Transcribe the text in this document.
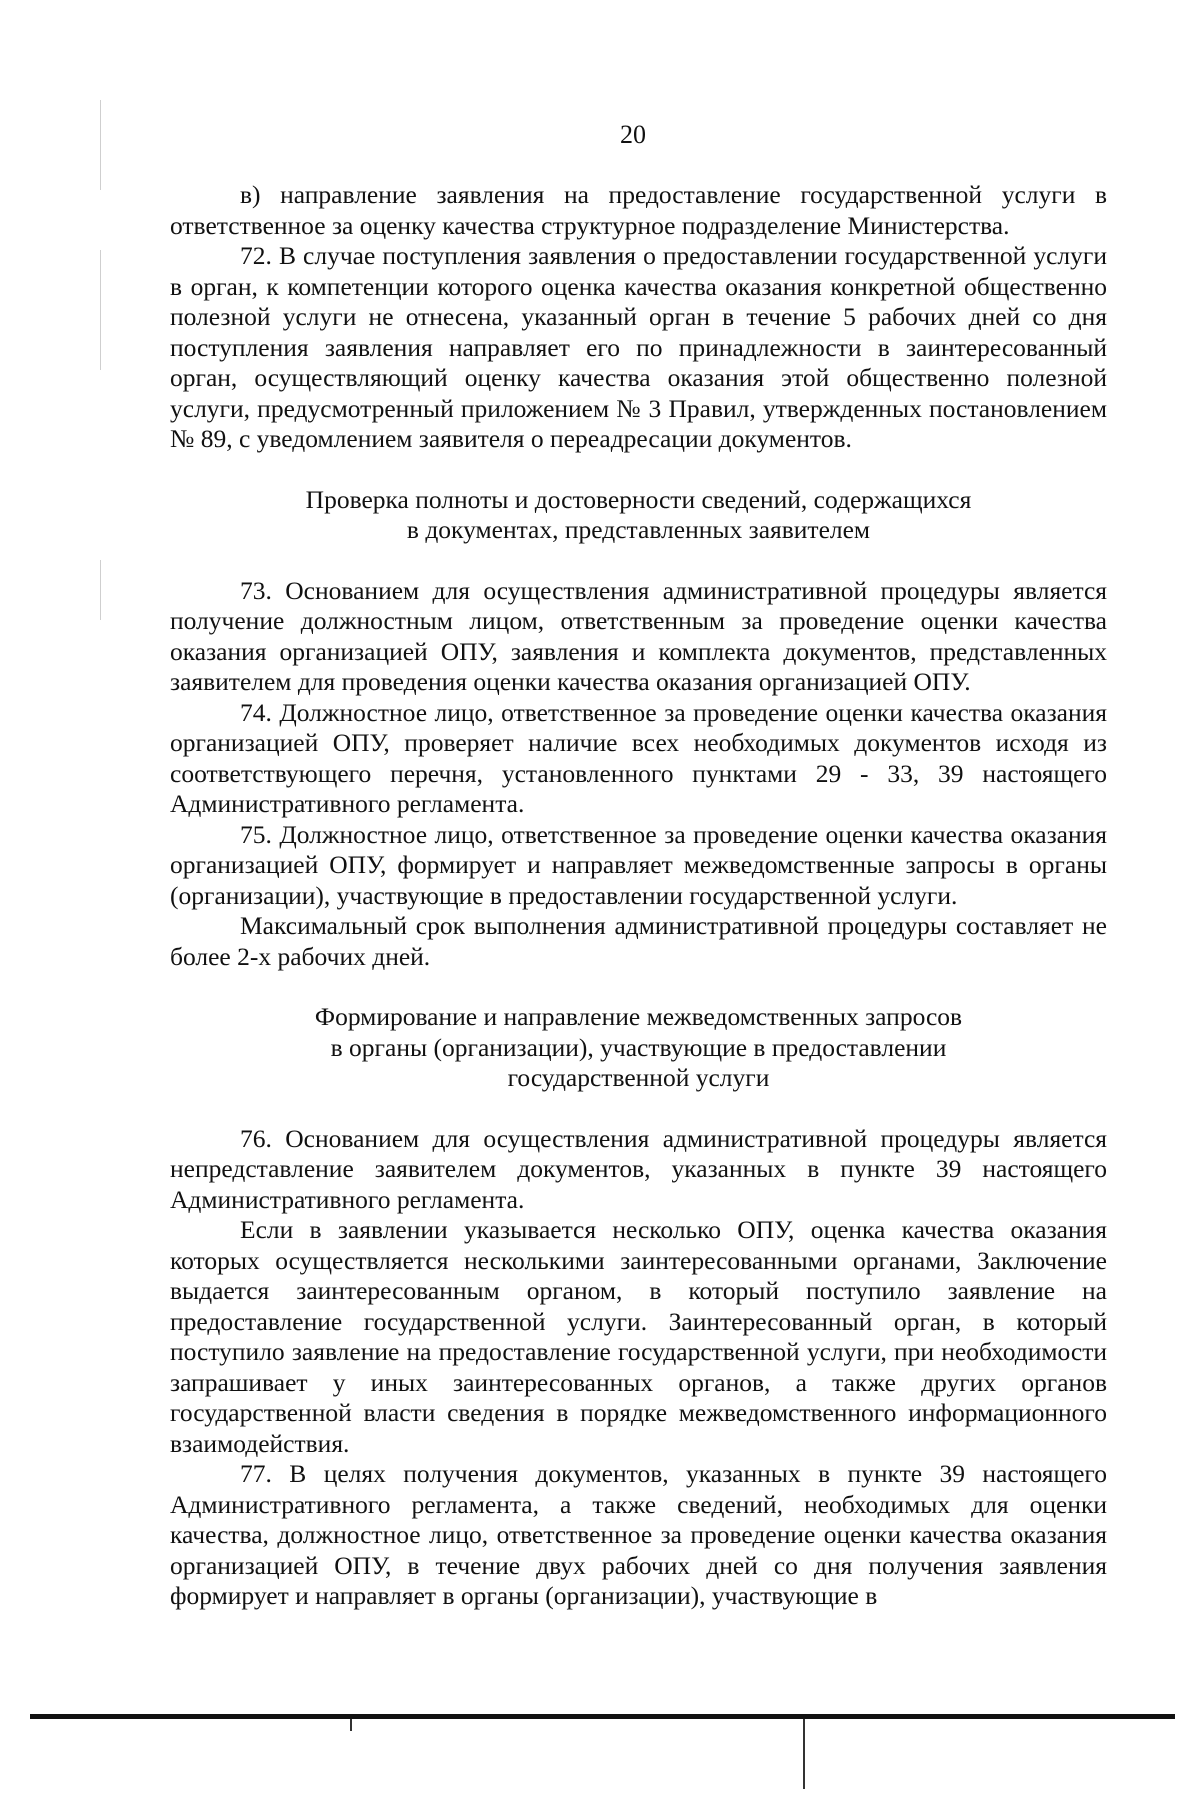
20

в) направление заявления на предоставление государственной услуги в ответственное за оценку качества структурное подразделение Министерства.

72. В случае поступления заявления о предоставлении государственной услуги в орган, к компетенции которого оценка качества оказания конкретной общественно полезной услуги не отнесена, указанный орган в течение 5 рабочих дней со дня поступления заявления направляет его по принадлежности в заинтересованный орган, осуществляющий оценку качества оказания этой общественно полезной услуги, предусмотренный приложением № 3 Правил, утвержденных постановлением № 89, с уведомлением заявителя о переадресации документов.

Проверка полноты и достоверности сведений, содержащихся
в документах, представленных заявителем

73. Основанием для осуществления административной процедуры является получение должностным лицом, ответственным за проведение оценки качества оказания организацией ОПУ, заявления и комплекта документов, представленных заявителем для проведения оценки качества оказания организацией ОПУ.

74. Должностное лицо, ответственное за проведение оценки качества оказания организацией ОПУ, проверяет наличие всех необходимых документов исходя из соответствующего перечня, установленного пунктами 29 - 33, 39 настоящего Административного регламента.

75. Должностное лицо, ответственное за проведение оценки качества оказания организацией ОПУ, формирует и направляет межведомственные запросы в органы (организации), участвующие в предоставлении государственной услуги.

Максимальный срок выполнения административной процедуры составляет не более 2-х рабочих дней.

Формирование и направление межведомственных запросов
в органы (организации), участвующие в предоставлении
государственной услуги

76. Основанием для осуществления административной процедуры является непредставление заявителем документов, указанных в пункте 39 настоящего Административного регламента.

Если в заявлении указывается несколько ОПУ, оценка качества оказания которых осуществляется несколькими заинтересованными органами, Заключение выдается заинтересованным органом, в который поступило заявление на предоставление государственной услуги. Заинтересованный орган, в который поступило заявление на предоставление государственной услуги, при необходимости запрашивает у иных заинтересованных органов, а также других органов государственной власти сведения в порядке межведомственного информационного взаимодействия.

77. В целях получения документов, указанных в пункте 39 настоящего Административного регламента, а также сведений, необходимых для оценки качества, должностное лицо, ответственное за проведение оценки качества оказания организацией ОПУ, в течение двух рабочих дней со дня получения заявления формирует и направляет в органы (организации), участвующие в
